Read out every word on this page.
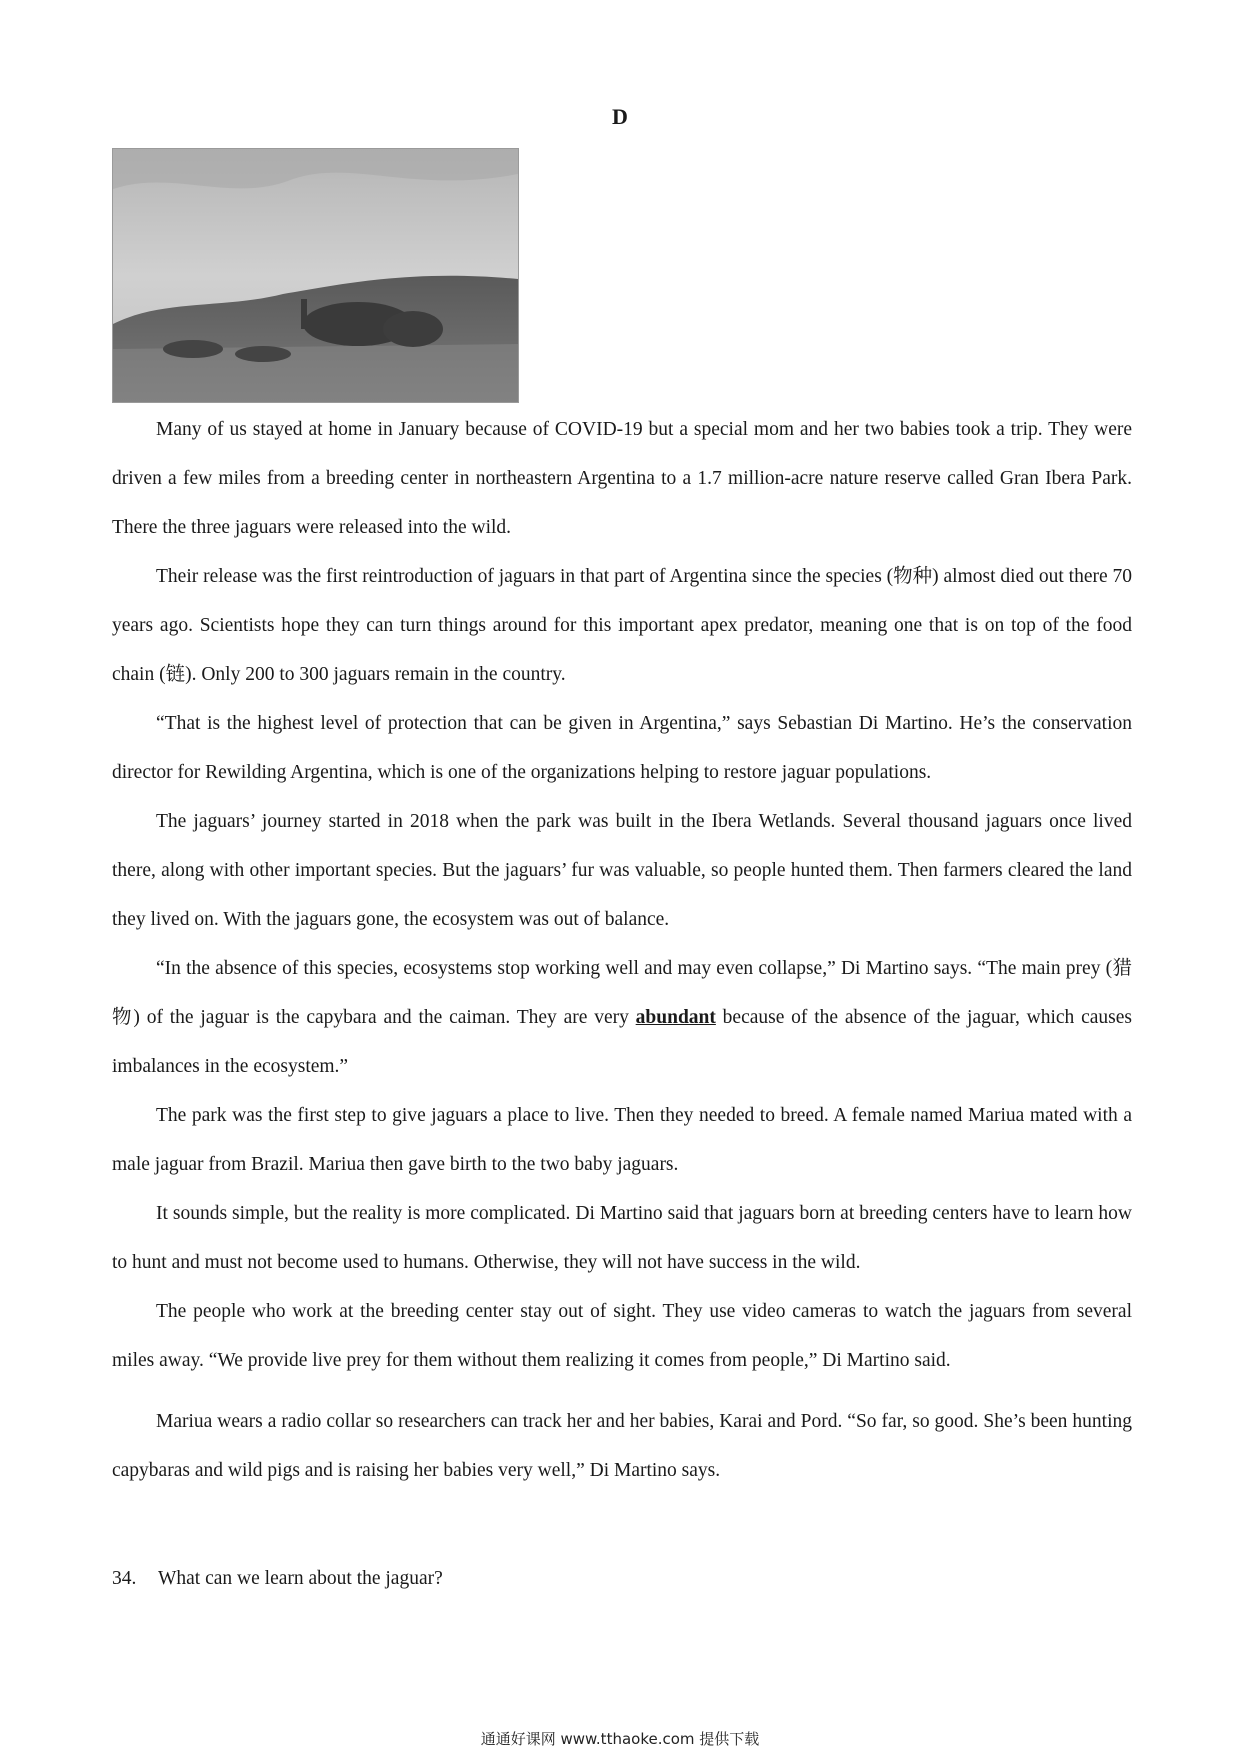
D

Many of us stayed at home in January because of COVID-19 but a special mom and her two babies took a trip. They were driven a few miles from a breeding center in northeastern Argentina to a 1.7 million-acre nature reserve called Gran Ibera Park. There the three jaguars were released into the wild.

Their release was the first reintroduction of jaguars in that part of Argentina since the species (物种) almost died out there 70 years ago. Scientists hope they can turn things around for this important apex predator, meaning one that is on top of the food chain (链). Only 200 to 300 jaguars remain in the country.

“That is the highest level of protection that can be given in Argentina,” says Sebastian Di Martino. He’s the conservation director for Rewilding Argentina, which is one of the organizations helping to restore jaguar populations.

The jaguars’ journey started in 2018 when the park was built in the Ibera Wetlands. Several thousand jaguars once lived there, along with other important species. But the jaguars’ fur was valuable, so people hunted them. Then farmers cleared the land they lived on. With the jaguars gone, the ecosystem was out of balance.

“In the absence of this species, ecosystems stop working well and may even collapse,” Di Martino says. “The main prey (猎物) of the jaguar is the capybara and the caiman. They are very abundant because of the absence of the jaguar, which causes imbalances in the ecosystem.”

The park was the first step to give jaguars a place to live. Then they needed to breed. A female named Mariua mated with a male jaguar from Brazil. Mariua then gave birth to the two baby jaguars.

It sounds simple, but the reality is more complicated. Di Martino said that jaguars born at breeding centers have to learn how to hunt and must not become used to humans. Otherwise, they will not have success in the wild.

The people who work at the breeding center stay out of sight. They use video cameras to watch the jaguars from several miles away. “We provide live prey for them without them realizing it comes from people,” Di Martino said.

Mariua wears a radio collar so researchers can track her and her babies, Karai and Pord. “So far, so good. She’s been hunting capybaras and wild pigs and is raising her babies very well,” Di Martino says.

34. What can we learn about the jaguar?
通通好课网 www.tthaoke.com 提供下载
